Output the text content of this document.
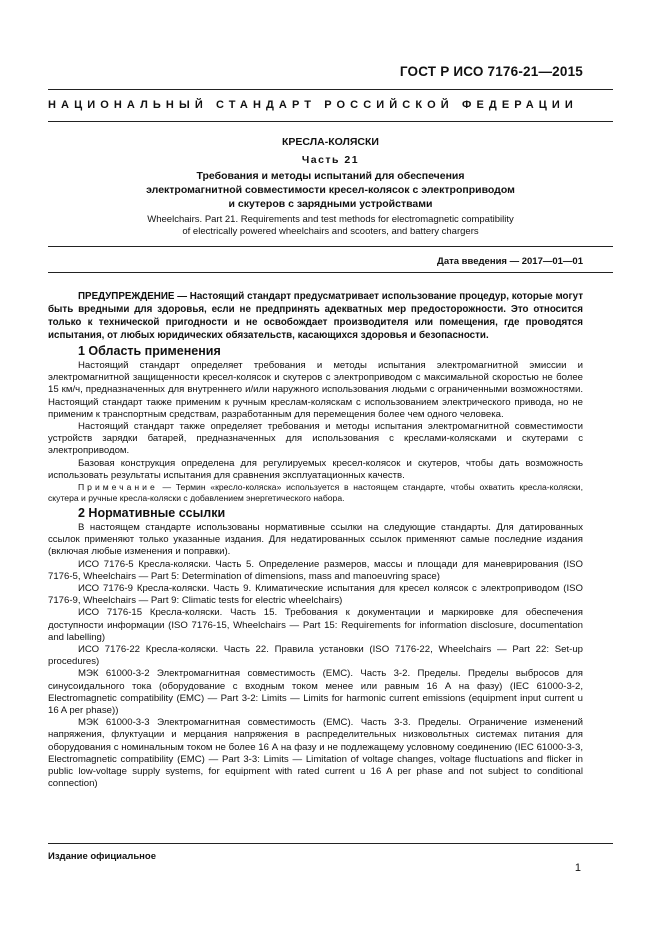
ГОСТ Р ИСО 7176-21—2015
НАЦИОНАЛЬНЫЙ СТАНДАРТ РОССИЙСКОЙ ФЕДЕРАЦИИ
КРЕСЛА-КОЛЯСКИ
Часть 21
Требования и методы испытаний для обеспечения
электромагнитной совместимости кресел-колясок с электроприводом
и скутеров с зарядными устройствами
Wheelchairs. Part 21. Requirements and test methods for electromagnetic compatibility
of electrically powered wheelchairs and scooters, and battery chargers
Дата введения — 2017—01—01

ПРЕДУПРЕЖДЕНИЕ — Настоящий стандарт предусматривает использование процедур, которые могут быть вредными для здоровья, если не предпринять адекватных мер предосторожности. Это относится только к технической пригодности и не освобождает производителя или помещения, где проводятся испытания, от любых юридических обязательств, касающихся здоровья и безопасности.

1 Область применения

Настоящий стандарт определяет требования и методы испытания электромагнитной эмиссии и электромагнитной защищенности кресел-колясок и скутеров с электроприводом с максимальной скоростью не более 15 км/ч, предназначенных для внутреннего и/или наружного использования людьми с ограниченными возможностями. Настоящий стандарт также применим к ручным креслам-коляскам с использованием электрического привода, но не применим к транспортным средствам, разработанным для перемещения более чем одного человека.

Настоящий стандарт также определяет требования и методы испытания электромагнитной совместимости устройств зарядки батарей, предназначенных для использования с креслами-колясками и скутерами с электроприводом.

Базовая конструкция определена для регулируемых кресел-колясок и скутеров, чтобы дать возможность использовать результаты испытания для сравнения эксплуатационных качеств.

Примечание — Термин «кресло-коляска» используется в настоящем стандарте, чтобы охватить кресла-коляски, скутера и ручные кресла-коляски с добавлением энергетического набора.

2 Нормативные ссылки

В настоящем стандарте использованы нормативные ссылки на следующие стандарты. Для датированных ссылок применяют только указанные издания. Для недатированных ссылок применяют самые последние издания (включая любые изменения и поправки).

ИСО 7176-5 Кресла-коляски. Часть 5. Определение размеров, массы и площади для маневрирования (ISO 7176-5, Wheelchairs — Part 5: Determination of dimensions, mass and manoeuvring space)

ИСО 7176-9 Кресла-коляски. Часть 9. Климатические испытания для кресел колясок с электроприводом (ISO 7176-9, Wheelchairs — Part 9: Climatic tests for electric wheelchairs)

ИСО 7176-15 Кресла-коляски. Часть 15. Требования к документации и маркировке для обеспечения доступности информации (ISO 7176-15, Wheelchairs — Part 15: Requirements for information disclosure, documentation and labelling)

ИСО 7176-22 Кресла-коляски. Часть 22. Правила установки (ISO 7176-22, Wheelchairs — Part 22: Set-up procedures)

МЭК 61000-3-2 Электромагнитная совместимость (ЕМС). Часть 3-2. Пределы. Пределы выбросов для синусоидального тока (оборудование с входным током менее или равным 16 А на фазу) (IEC 61000-3-2, Electromagnetic compatibility (EMC) — Part 3-2: Limits — Limits for harmonic current emissions (equipment input current u 16 A per phase))

МЭК 61000-3-3 Электромагнитная совместимость (ЕМС). Часть 3-3. Пределы. Ограничение изменений напряжения, флуктуации и мерцания напряжения в распределительных низковольтных системах питания для оборудования с номинальным током не более 16 А на фазу и не подлежащему условному соединению (IEC 61000-3-3, Electromagnetic compatibility (EMC) — Part 3-3: Limits — Limitation of voltage changes, voltage fluctuations and flicker in public low-voltage supply systems, for equipment with rated current u 16 A per phase and not subject to conditional connection)

Издание официальное
1
